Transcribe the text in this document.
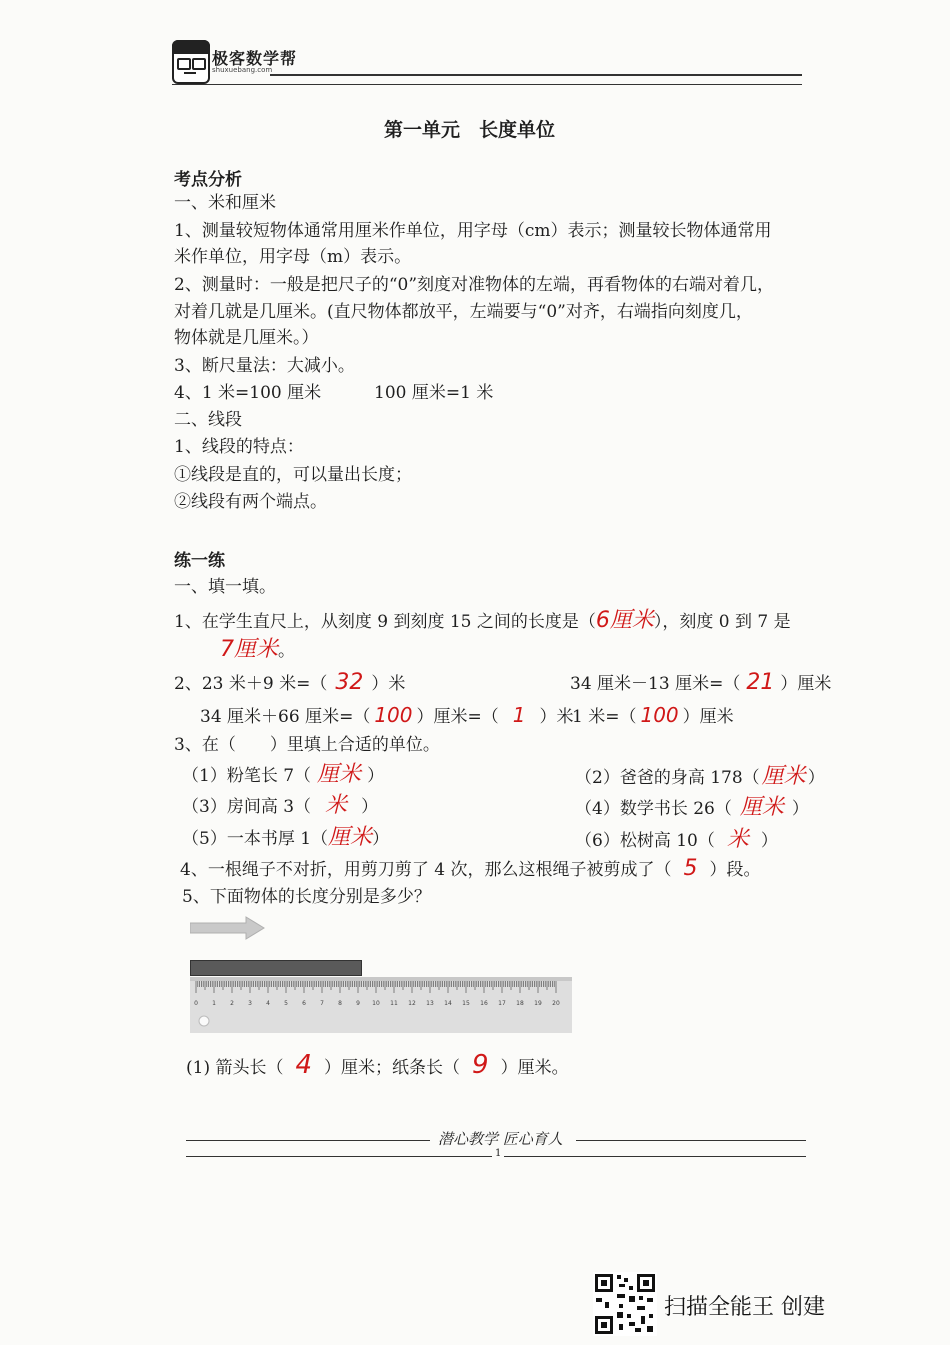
极客数学帮
shuxuebang.com
第一单元　长度单位
考点分析
一、米和厘米
1、测量较短物体通常用厘米作单位，用字母（cm）表示；测量较长物体通常用
米作单位，用字母（m）表示。
2、测量时：一般是把尺子的“0”刻度对准物体的左端，再看物体的右端对着几，
对着几就是几厘米。(直尺物体都放平，左端要与“0”对齐，右端指向刻度几，
物体就是几厘米。）
3、断尺量法：大减小。
4、1 米=100 厘米	100 厘米=1 米
二、线段
1、线段的特点：
①线段是直的，可以量出长度；
②线段有两个端点。
练一练
一、填一填。
1、在学生直尺上，从刻度 9 到刻度 15 之间的长度是（6厘米），刻度 0 到 7 是
7厘米。
2、23 米＋9 米=（ 32 ）米	34 厘米－13 厘米=（ 21 ）厘米
34 厘米＋66 厘米=（ 100 ）厘米=（ 1 ）米
1 米=（ 100 ）厘米
3、在（　　）里填上合适的单位。
（1）粉笔长 7（ 厘米 ）	（2）爸爸的身高 178（厘米 ）
（3）房间高 3（ 米 ）	（4）数学书长 26（ 厘米 ）
（5）一本书厚 1（厘米）	（6）松树高 10（ 米 ）
4、一根绳子不对折，用剪刀剪了 4 次，那么这根绳子被剪成了（ 5 ）段。
5、下面物体的长度分别是多少？
0 1 2 3 4 5 6 7 8 9 10 11 12 13 14 15 16 17 18 19 20
(1) 箭头长（ 4 ）厘米；纸条长（ 9 ）厘米。
潜心教学 匠心育人
1
扫描全能王 创建
